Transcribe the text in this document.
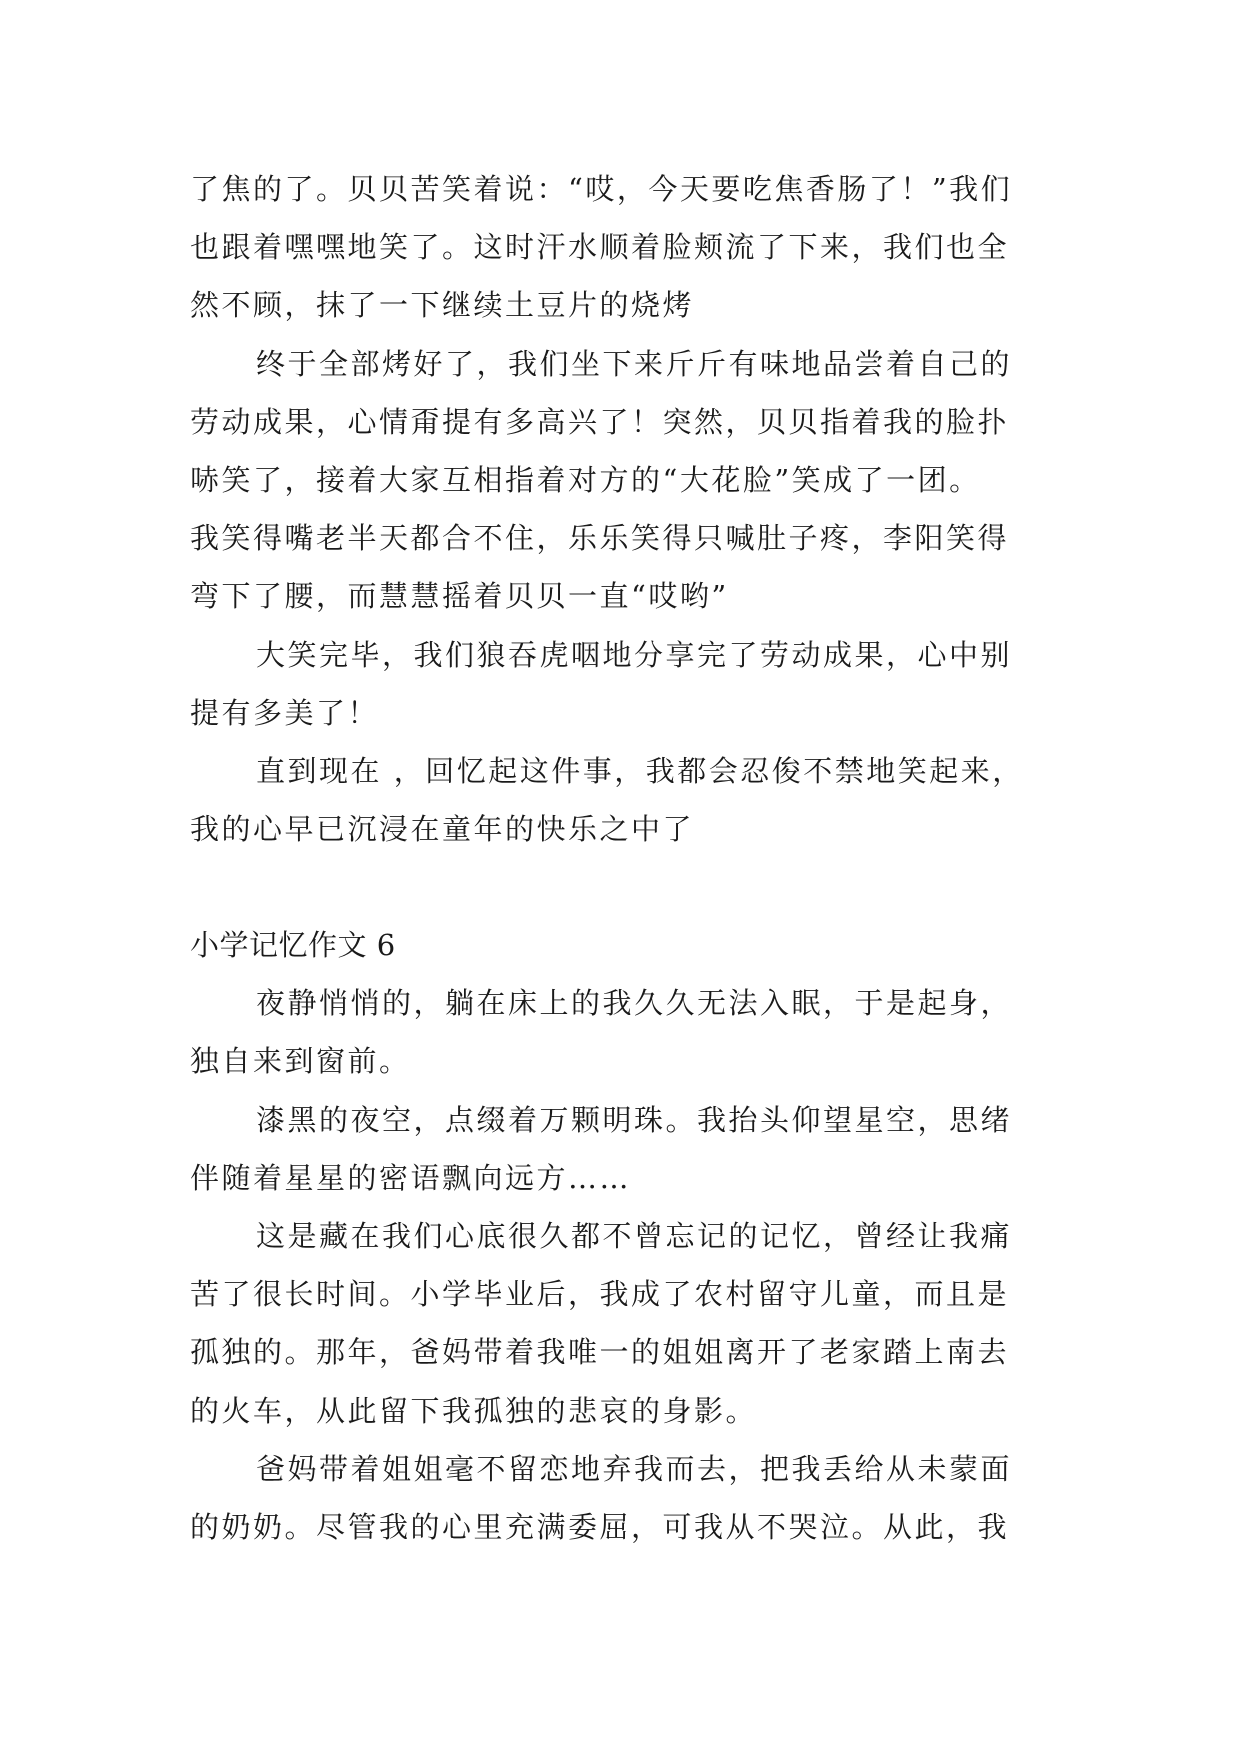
了焦的了。贝贝苦笑着说：“哎，今天要吃焦香肠了！”我们
也跟着嘿嘿地笑了。这时汗水顺着脸颊流了下来，我们也全
然不顾，抹了一下继续土豆片的烧烤
终于全部烤好了，我们坐下来斤斤有味地品尝着自己的
劳动成果，心情甭提有多高兴了！突然，贝贝指着我的脸扑
哧笑了，接着大家互相指着对方的“大花脸”笑成了一团。
我笑得嘴老半天都合不住，乐乐笑得只喊肚子疼，李阳笑得
弯下了腰，而慧慧摇着贝贝一直“哎哟”
大笑完毕，我们狼吞虎咽地分享完了劳动成果，心中别
提有多美了！
直到现在 ，回忆起这件事，我都会忍俊不禁地笑起来，
我的心早已沉浸在童年的快乐之中了
小学记忆作文 6
夜静悄悄的，躺在床上的我久久无法入眠，于是起身，
独自来到窗前。
漆黑的夜空，点缀着万颗明珠。我抬头仰望星空，思绪
伴随着星星的密语飘向远方……
这是藏在我们心底很久都不曾忘记的记忆，曾经让我痛
苦了很长时间。小学毕业后，我成了农村留守儿童，而且是
孤独的。那年，爸妈带着我唯一的姐姐离开了老家踏上南去
的火车，从此留下我孤独的悲哀的身影。
爸妈带着姐姐毫不留恋地弃我而去，把我丢给从未蒙面
的奶奶。尽管我的心里充满委屈，可我从不哭泣。从此，我
